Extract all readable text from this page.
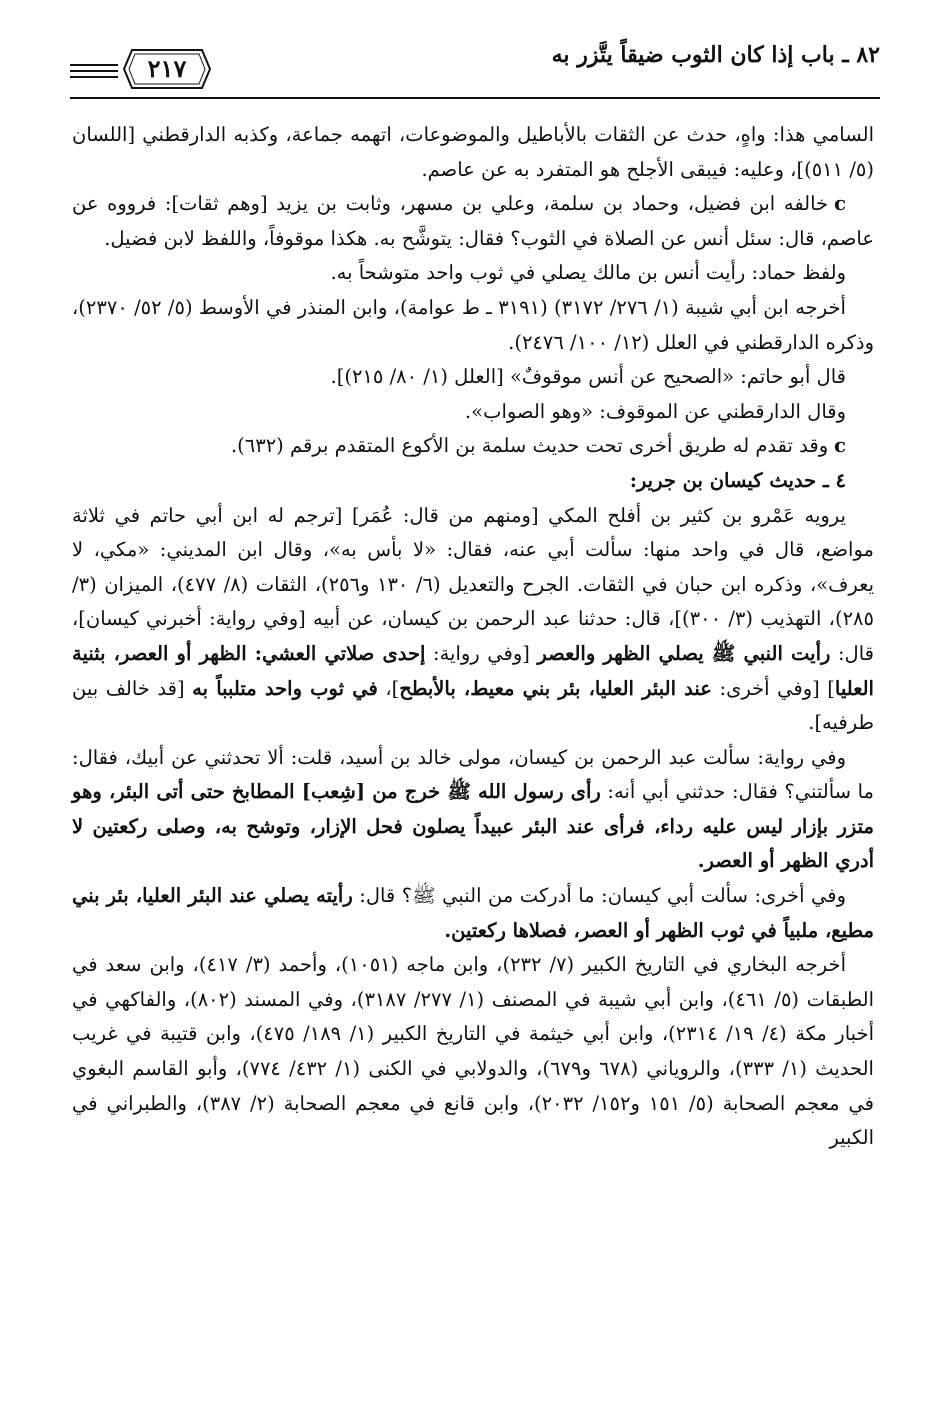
٨٢ ـ باب إذا كان الثوب ضيقاً يتَّزر به
٢١٧

السامي هذا: واهٍ، حدث عن الثقات بالأباطيل والموضوعات، اتهمه جماعة، وكذبه الدارقطني [اللسان (٥/ ٥١١)]، وعليه: فيبقى الأجلح هو المتفرد به عن عاصم.

cخالفه ابن فضيل، وحماد بن سلمة، وعلي بن مسهر، وثابت بن يزيد [وهم ثقات]: فرووه عن عاصم، قال: سئل أنس عن الصلاة في الثوب؟ فقال: يتوشَّح به. هكذا موقوفاً، واللفظ لابن فضيل.

ولفظ حماد: رأيت أنس بن مالك يصلي في ثوب واحد متوشحاً به.

أخرجه ابن أبي شيبة (١/ ٢٧٦/ ٣١٧٢) (٣١٩١ ـ ط عوامة)، وابن المنذر في الأوسط (٥/ ٥٢/ ٢٣٧٠)، وذكره الدارقطني في العلل (١٢/ ١٠٠/ ٢٤٧٦).

قال أبو حاتم: «الصحيح عن أنس موقوفٌ» [العلل (١/ ٨٠/ ٢١٥)].

وقال الدارقطني عن الموقوف: «وهو الصواب».

cوقد تقدم له طريق أخرى تحت حديث سلمة بن الأكوع المتقدم برقم (٦٣٢).

٤ ـ حديث كيسان بن جرير:

يرويه عَمْرو بن كثير بن أفلح المكي [ومنهم من قال: عُمَر] [ترجم له ابن أبي حاتم في ثلاثة مواضع، قال في واحد منها: سألت أبي عنه، فقال: «لا بأس به»، وقال ابن المديني: «مكي، لا يعرف»، وذكره ابن حبان في الثقات. الجرح والتعديل (٦/ ١٣٠ و٢٥٦)، الثقات (٨/ ٤٧٧)، الميزان (٣/ ٢٨٥)، التهذيب (٣/ ٣٠٠)]، قال: حدثنا عبد الرحمن بن كيسان، عن أبيه [وفي رواية: أخبرني كيسان]، قال: رأيت النبي ﷺ يصلي الظهر والعصر [وفي رواية: إحدى صلاتي العشي: الظهر أو العصر، بثنية العليا] [وفي أخرى: عند البئر العليا، بئر بني معيط، بالأبطح]، في ثوب واحد متلبباً به [قد خالف بين طرفيه].

وفي رواية: سألت عبد الرحمن بن كيسان، مولى خالد بن أسيد، قلت: ألا تحدثني عن أبيك، فقال: ما سألتني؟ فقال: حدثني أبي أنه: رأى رسول الله ﷺ خرج من [شِعب] المطابخ حتى أتى البئر، وهو متزر بإزار ليس عليه رداء، فرأى عند البئر عبيداً يصلون فحل الإزار، وتوشح به، وصلى ركعتين لا أدري الظهر أو العصر.

وفي أخرى: سألت أبي كيسان: ما أدركت من النبي ﷺ؟ قال: رأيته يصلي عند البئر العليا، بئر بني مطيع، ملبياً في ثوب الظهر أو العصر، فصلاها ركعتين.

أخرجه البخاري في التاريخ الكبير (٧/ ٢٣٢)، وابن ماجه (١٠٥١)، وأحمد (٣/ ٤١٧)، وابن سعد في الطبقات (٥/ ٤٦١)، وابن أبي شيبة في المصنف (١/ ٢٧٧/ ٣١٨٧)، وفي المسند (٨٠٢)، والفاكهي في أخبار مكة (٤/ ١٩/ ٢٣١٤)، وابن أبي خيثمة في التاريخ الكبير (١/ ١٨٩/ ٤٧٥)، وابن قتيبة في غريب الحديث (١/ ٣٣٣)، والروياني (٦٧٨ و٦٧٩)، والدولابي في الكنى (١/ ٤٣٢/ ٧٧٤)، وأبو القاسم البغوي في معجم الصحابة (٥/ ١٥١ و١٥٢/ ٢٠٣٢)، وابن قانع في معجم الصحابة (٢/ ٣٨٧)، والطبراني في الكبير
